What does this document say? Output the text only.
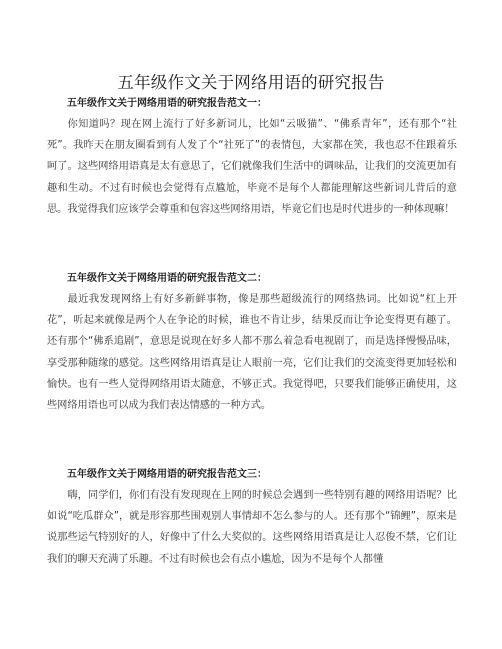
五年级作文关于网络用语的研究报告
五年级作文关于网络用语的研究报告范文一：

你知道吗？现在网上流行了好多新词儿，比如“云吸猫”、“佛系青年”，还有那个“社死”。我昨天在朋友圈看到有人发了个“社死了”的表情包，大家都在笑，我也忍不住跟着乐呵了。这些网络用语真是太有意思了，它们就像我们生活中的调味品，让我们的交流更加有趣和生动。不过有时候也会觉得有点尴尬，毕竟不是每个人都能理解这些新词儿背后的意思。我觉得我们应该学会尊重和包容这些网络用语，毕竟它们也是时代进步的一种体现嘛！

五年级作文关于网络用语的研究报告范文二：

最近我发现网络上有好多新鲜事物，像是那些超级流行的网络热词。比如说“杠上开花”，听起来就像是两个人在争论的时候，谁也不肯让步，结果反而让争论变得更有趣了。还有那个“佛系追剧”，意思是说现在好多人都不那么着急看电视剧了，而是选择慢慢品味，享受那种随缘的感觉。这些网络用语真是让人眼前一亮，它们让我们的交流变得更加轻松和愉快。也有一些人觉得网络用语太随意，不够正式。我觉得吧，只要我们能够正确使用，这些网络用语也可以成为我们表达情感的一种方式。

五年级作文关于网络用语的研究报告范文三：

嗨，同学们，你们有没有发现现在上网的时候总会遇到一些特别有趣的网络用语呢？比如说“吃瓜群众”，就是形容那些围观别人事情却不怎么参与的人。还有那个“锦鲤”，原来是说那些运气特别好的人，好像中了什么大奖似的。这些网络用语真是让人忍俊不禁，它们让我们的聊天充满了乐趣。不过有时候也会有点小尴尬，因为不是每个人都懂
